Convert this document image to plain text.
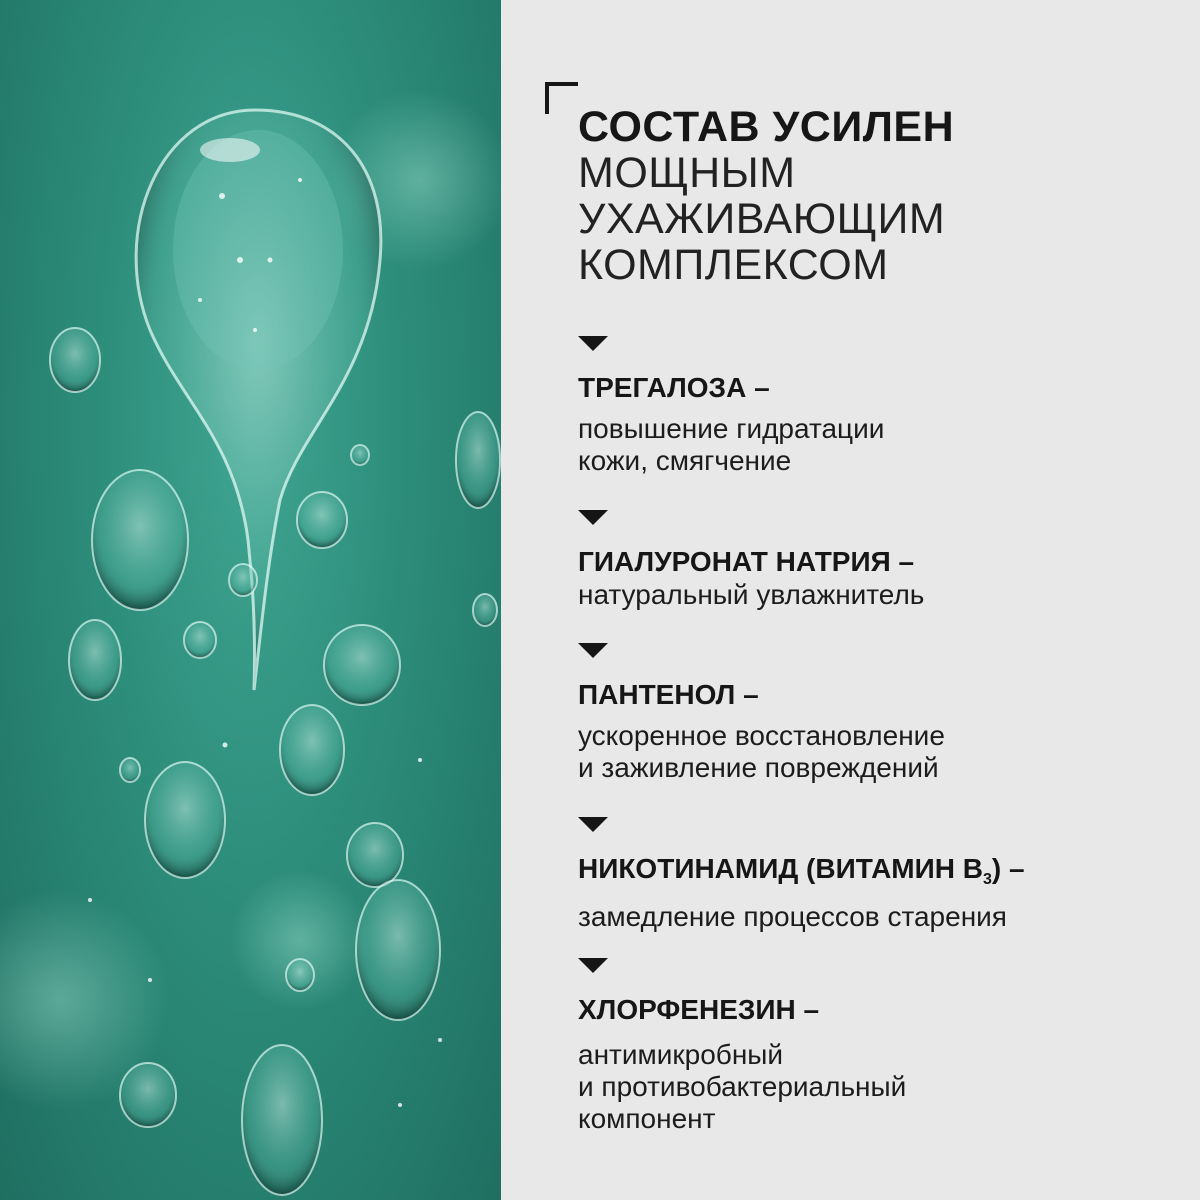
СОСТАВ УСИЛЕН
МОЩНЫМ
УХАЖИВАЮЩИМ
КОМПЛЕКСОМ
ТРЕГАЛОЗА –
повышение гидратации
кожи, смягчение
ГИАЛУРОНАТ НАТРИЯ –
натуральный увлажнитель
ПАНТЕНОЛ –
ускоренное восстановление
и заживление повреждений
НИКОТИНАМИД (ВИТАМИН $B_3$) –
замедление процессов старения
ХЛОРФЕНЕЗИН –
антимикробный
и противобактериальный
компонент
